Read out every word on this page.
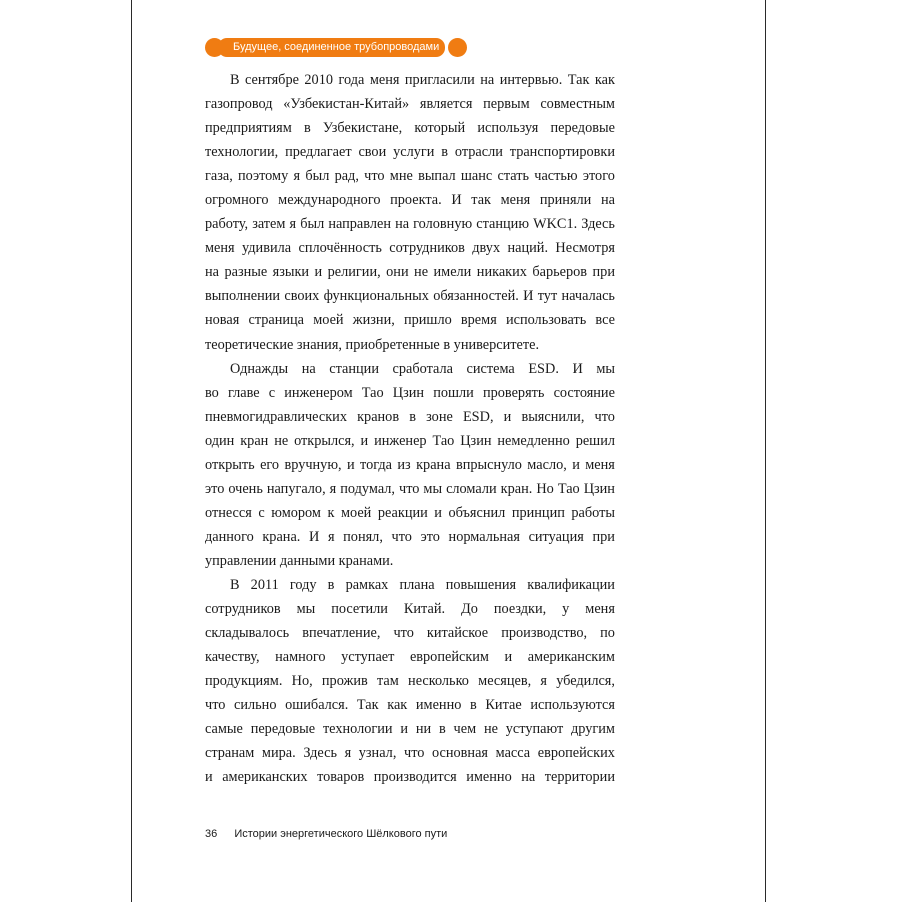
Будущее, соединенное трубопроводами
В сентябре 2010 года меня пригласили на интервью. Так как
газопровод «Узбекистан-Китай» является первым совместным
предприятиям в Узбекистане, который используя передовые
технологии, предлагает свои услуги в отрасли транспортировки
газа, поэтому я был рад, что мне выпал шанс стать частью этого
огромного международного проекта. И так меня приняли на
работу, затем я был направлен на головную станцию WKC1. Здесь
меня удивила сплочённость сотрудников двух наций. Несмотря
на разные языки и религии, они не имели никаких барьеров при
выполнении своих функциональных обязанностей. И тут началась
новая страница моей жизни, пришло время использовать все
теоретические знания, приобретенные в университете.
Однажды на станции сработала система ESD. И мы
во главе с инженером Тао Цзин пошли проверять состояние
пневмогидравлических кранов в зоне ESD, и выяснили, что
один кран не открылся, и инженер Тао Цзин немедленно решил
открыть его вручную, и тогда из крана впрыснуло масло, и меня
это очень напугало, я подумал, что мы сломали кран. Но Тао Цзин
отнесся с юмором к моей реакции и объяснил принцип работы
данного крана. И я понял, что это нормальная ситуация при
управлении данными кранами.
В 2011 году в рамках плана повышения квалификации
сотрудников мы посетили Китай. До поездки, у меня
складывалось впечатление, что китайское производство, по
качеству, намного уступает европейским и американским
продукциям. Но, прожив там несколько месяцев, я убедился,
что сильно ошибался. Так как именно в Китае используются
самые передовые технологии и ни в чем не уступают другим
странам мира. Здесь я узнал, что основная масса европейских
и американских товаров производится именно на территории
36 Истории энергетического Шёлкового пути
